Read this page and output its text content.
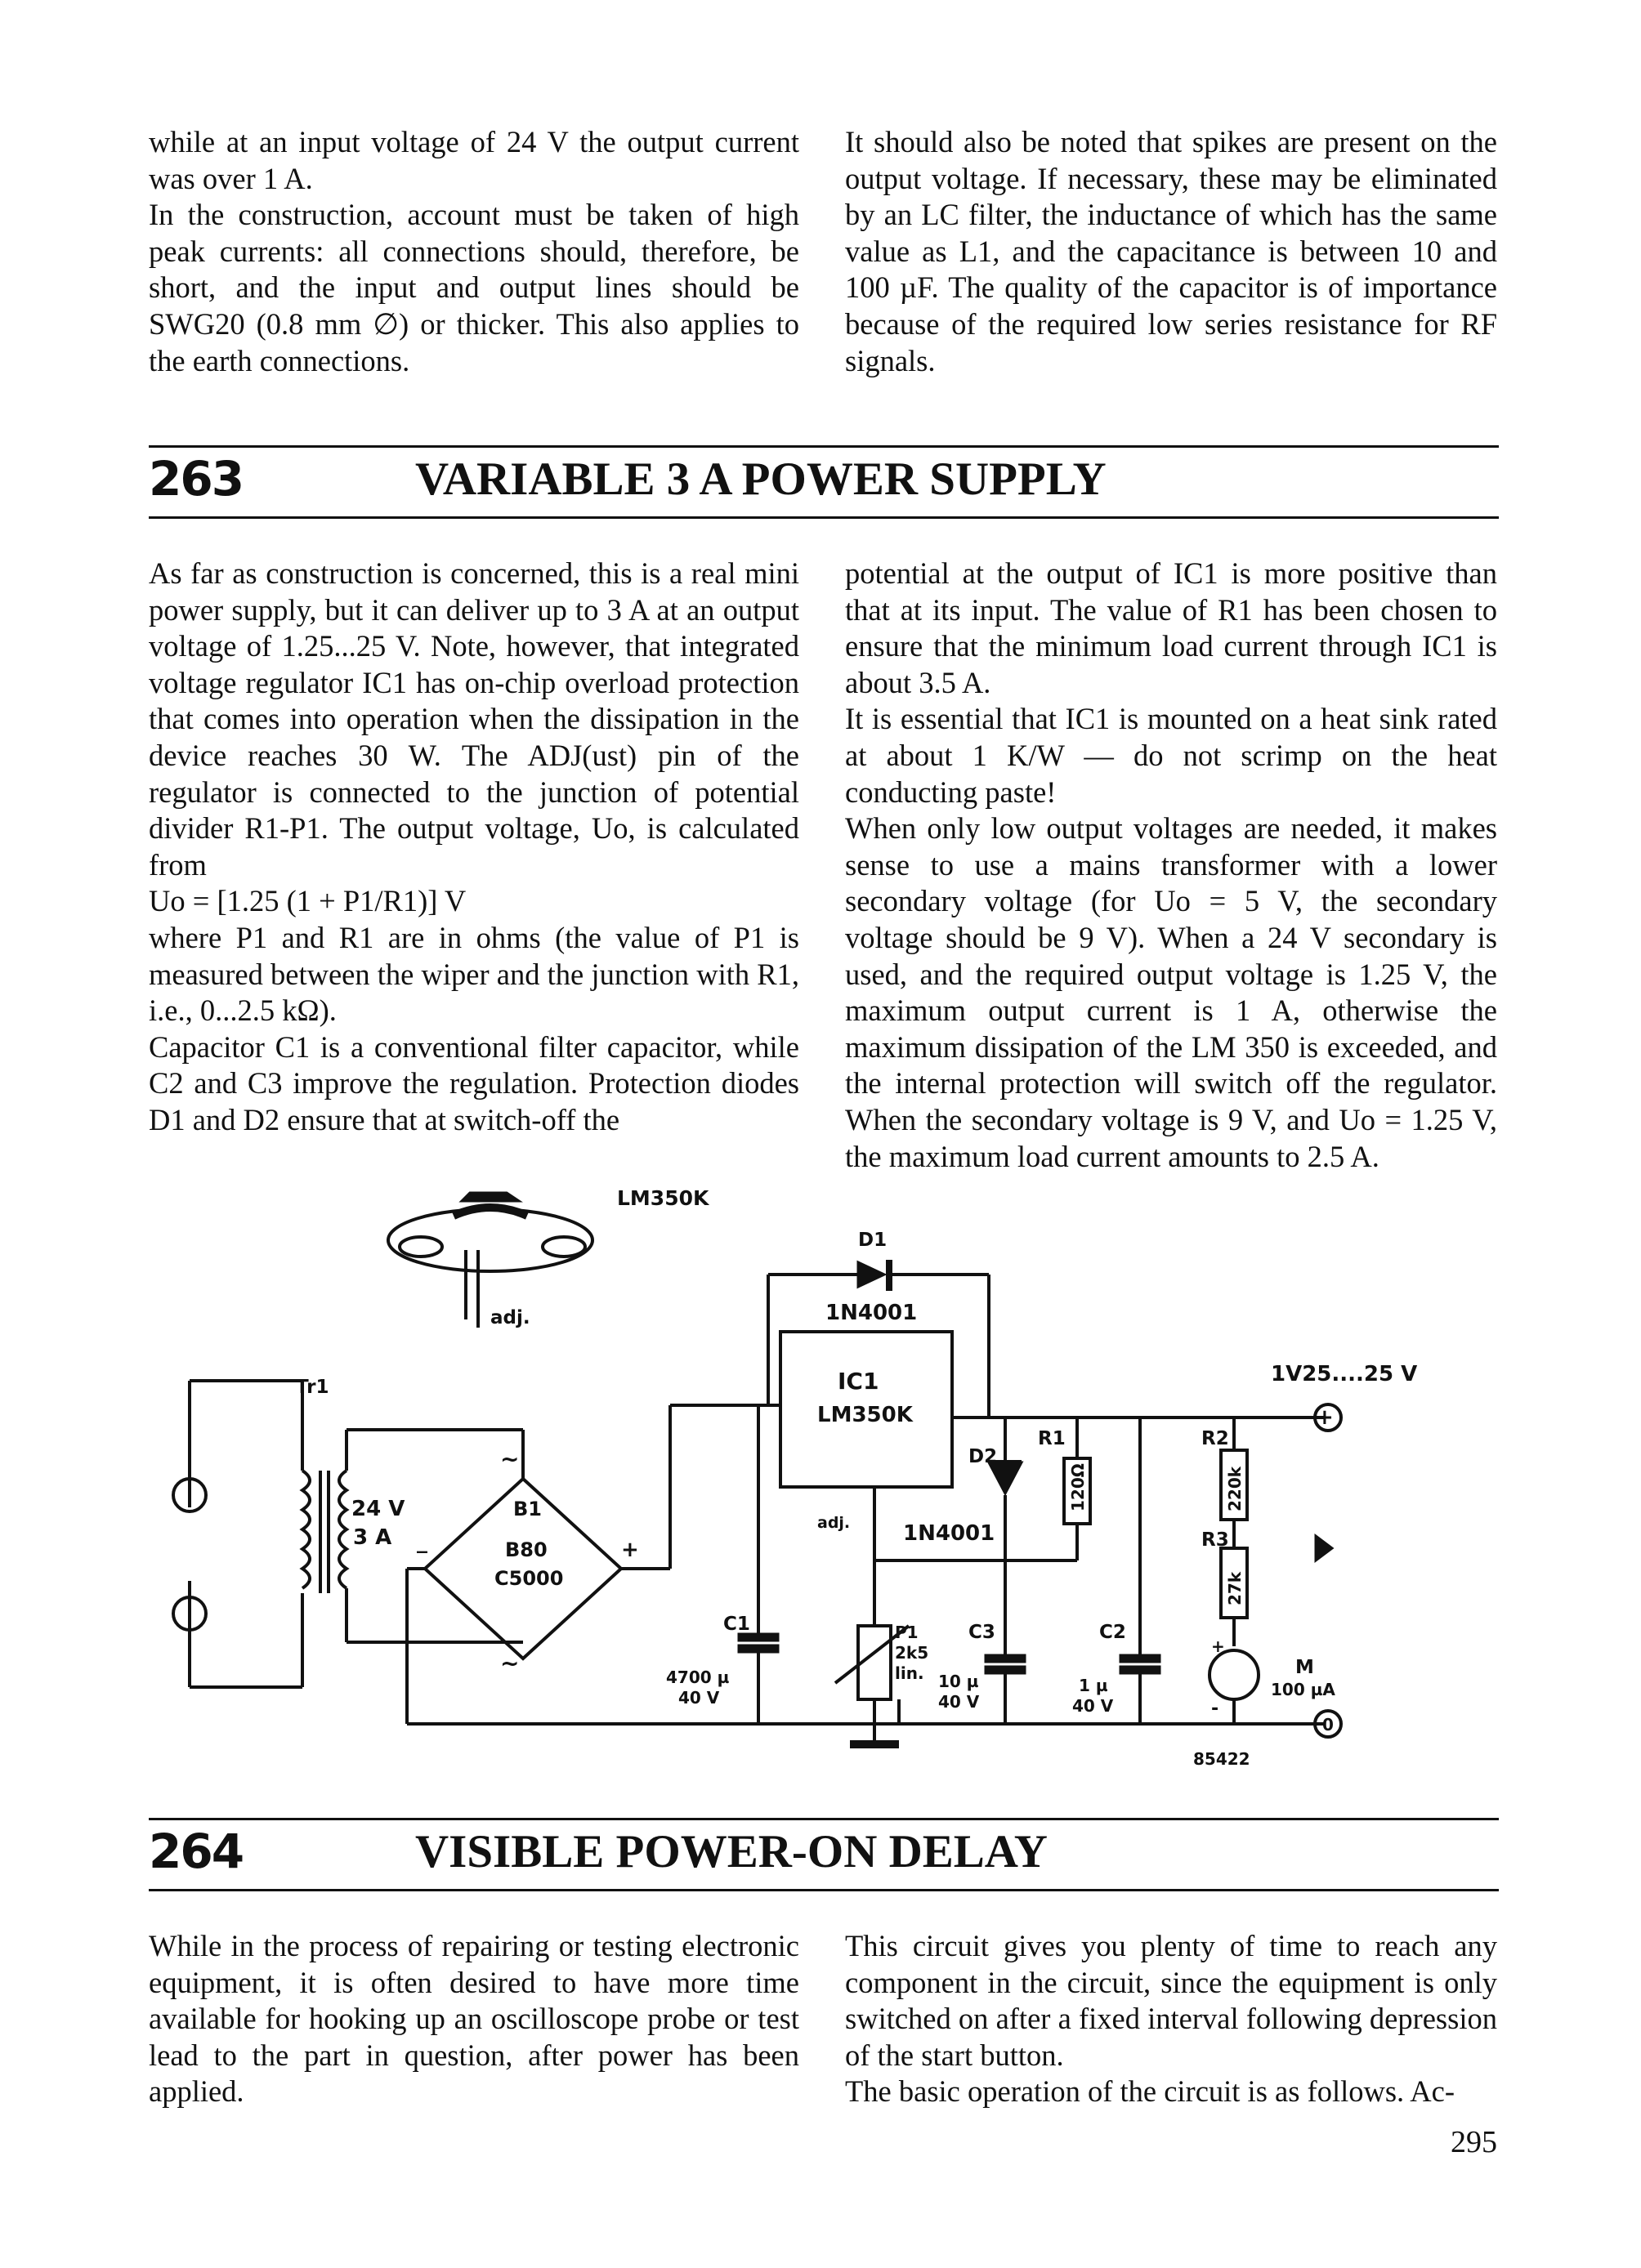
while at an input voltage of 24 V the output current was over 1 A.

In the construction, account must be taken of high peak currents: all connections should, therefore, be short, and the input and output lines should be SWG20 (0.8 mm ∅) or thicker. This also applies to the earth connections.

It should also be noted that spikes are present on the output voltage. If necessary, these may be eliminated by an LC filter, the inductance of which has the same value as L1, and the capacitance is between 10 and 100 µF. The quality of the capacitor is of importance because of the required low series resistance for RF signals.

263	VARIABLE 3 A POWER SUPPLY

As far as construction is concerned, this is a real mini power supply, but it can deliver up to 3 A at an output voltage of 1.25...25 V. Note, however, that integrated voltage regulator IC1 has on-chip overload protection that comes into operation when the dissipation in the device reaches 30 W. The ADJ(ust) pin of the regulator is connected to the junction of potential divider R1-P1. The output voltage, Uo, is calculated from

Uo = [1.25 (1 + P1/R1)] V

where P1 and R1 are in ohms (the value of P1 is measured between the wiper and the junction with R1, i.e., 0...2.5 kΩ).

Capacitor C1 is a conventional filter capacitor, while C2 and C3 improve the regulation. Protection diodes D1 and D2 ensure that at switch-off the

potential at the output of IC1 is more positive than that at its input. The value of R1 has been chosen to ensure that the minimum load current through IC1 is about 3.5 A.

It is essential that IC1 is mounted on a heat sink rated at about 1 K/W — do not scrimp on the heat conducting paste!

When only low output voltages are needed, it makes sense to use a mains transformer with a lower secondary voltage (for Uo = 5 V, the secondary voltage should be 9 V). When a 24 V secondary is used, and the required output voltage is 1.25 V, the maximum output current is 1 A, otherwise the maximum dissipation of the LM 350 is exceeded, and the internal protection will switch off the regulator. When the secondary voltage is 9 V, and Uo = 1.25 V, the maximum load current amounts to 2.5 A.

LM350K
adj.
Tr1
24 V
3 A
B1
B80
C5000
+
_
~
~
D1
1N4001
IC1
LM350K
D2
1N4001
adj.
R1
120Ω
R2
220k
R3
27k
1V25....25 V
+
C1
4700 µ
40 V
P1
2k5
lin.
C3
10 µ
40 V
C2
1 µ
40 V
M
100 µA
+
-
0
85422
264	VISIBLE POWER-ON DELAY

While in the process of repairing or testing electronic equipment, it is often desired to have more time available for hooking up an oscilloscope probe or test lead to the part in question, after power has been applied.

This circuit gives you plenty of time to reach any component in the circuit, since the equipment is only switched on after a fixed interval following depression of the start button.

The basic operation of the circuit is as follows. Ac-

295
